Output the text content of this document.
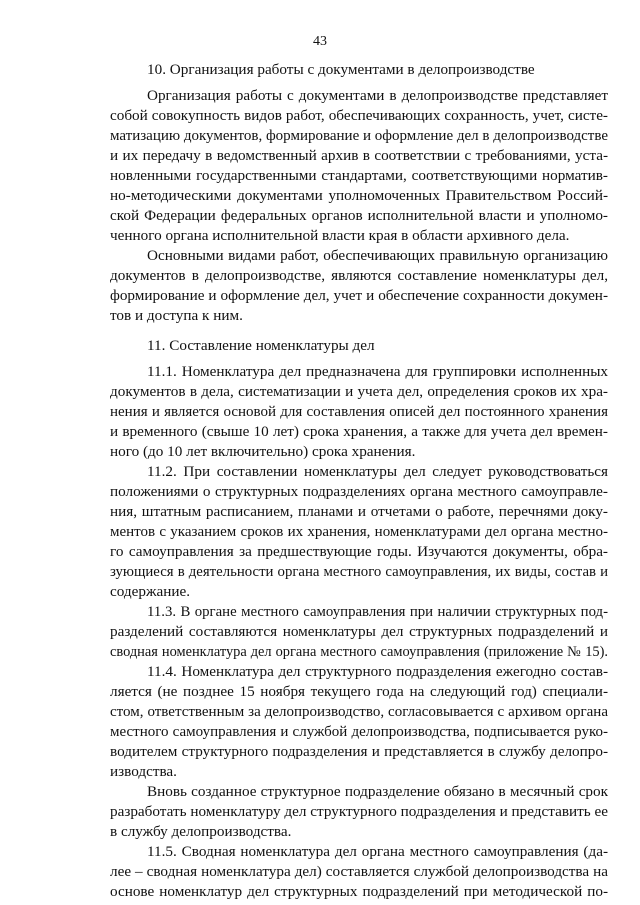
43
10. Организация работы с документами в делопроизводстве
Организация работы с документами в делопроизводстве представляет
собой совокупность видов работ, обеспечивающих сохранность, учет, систе-
матизацию документов, формирование и оформление дел в делопроизводстве
и их передачу в ведомственный архив в соответствии с требованиями, уста-
новленными государственными стандартами, соответствующими норматив-
но-методическими документами уполномоченных Правительством Россий-
ской Федерации федеральных органов исполнительной власти и уполномо-
ченного органа исполнительной власти края в области архивного дела.
Основными видами работ, обеспечивающих правильную организацию
документов в делопроизводстве, являются составление номенклатуры дел,
формирование и оформление дел, учет и обеспечение сохранности докумен-
тов и доступа к ним.
11. Составление номенклатуры дел
11.1. Номенклатура дел предназначена для группировки исполненных
документов в дела, систематизации и учета дел, определения сроков их хра-
нения и является основой для составления описей дел постоянного хранения
и временного (свыше 10 лет) срока хранения, а также для учета дел времен-
ного (до 10 лет включительно) срока хранения.
11.2. При составлении номенклатуры дел следует руководствоваться
положениями о структурных подразделениях органа местного самоуправле-
ния, штатным расписанием, планами и отчетами о работе, перечнями доку-
ментов с указанием сроков их хранения, номенклатурами дел органа местно-
го самоуправления за предшествующие годы. Изучаются документы, обра-
зующиеся в деятельности органа местного самоуправления, их виды, состав и
содержание.
11.3. В органе местного самоуправления при наличии структурных под-
разделений составляются номенклатуры дел структурных подразделений и
сводная номенклатура дел органа местного самоуправления (приложение № 15).
11.4. Номенклатура дел структурного подразделения ежегодно состав-
ляется (не позднее 15 ноября текущего года на следующий год) специали-
стом, ответственным за делопроизводство, согласовывается с архивом органа
местного самоуправления и службой делопроизводства, подписывается руко-
водителем структурного подразделения и представляется в службу делопро-
изводства.
Вновь созданное структурное подразделение обязано в месячный срок
разработать номенклатуру дел структурного подразделения и представить ее
в службу делопроизводства.
11.5. Сводная номенклатура дел органа местного самоуправления (да-
лее – сводная номенклатура дел) составляется службой делопроизводства на
основе номенклатур дел структурных подразделений при методической по-
